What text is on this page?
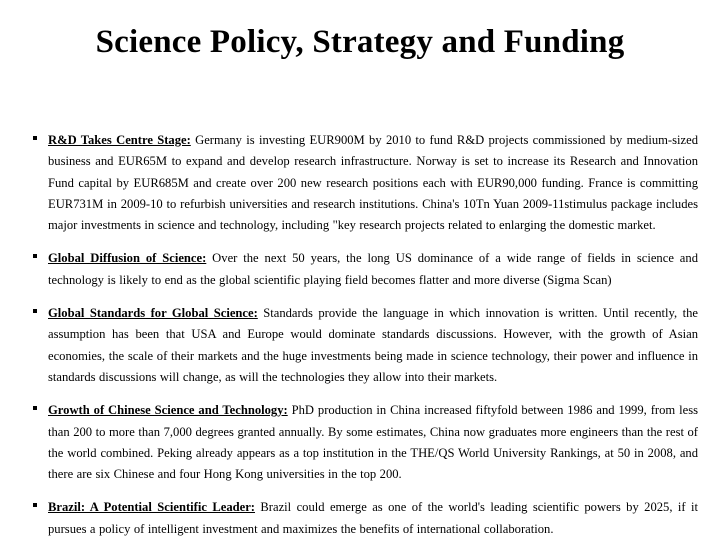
Science Policy, Strategy and Funding
R&D Takes Centre Stage: Germany is investing EUR900M by 2010 to fund R&D projects commissioned by medium-sized business and EUR65M to expand and develop research infrastructure. Norway is set to increase its Research and Innovation Fund capital by EUR685M and create over 200 new research positions each with EUR90,000 funding. France is committing EUR731M in 2009-10 to refurbish universities and research institutions. China's 10Tn Yuan 2009-11stimulus package includes major investments in science and technology, including "key research projects related to enlarging the domestic market.
Global Diffusion of Science: Over the next 50 years, the long US dominance of a wide range of fields in science and technology is likely to end as the global scientific playing field becomes flatter and more diverse (Sigma Scan)
Global Standards for Global Science: Standards provide the language in which innovation is written. Until recently, the assumption has been that USA and Europe would dominate standards discussions. However, with the growth of Asian economies, the scale of their markets and the huge investments being made in science technology, their power and influence in standards discussions will change, as will the technologies they allow into their markets.
Growth of Chinese Science and Technology: PhD production in China increased fiftyfold between 1986 and 1999, from less than 200 to more than 7,000 degrees granted annually. By some estimates, China now graduates more engineers than the rest of the world combined. Peking already appears as a top institution in the THE/QS World University Rankings, at 50 in 2008, and there are six Chinese and four Hong Kong universities in the top 200.
Brazil: A Potential Scientific Leader: Brazil could emerge as one of the world's leading scientific powers by 2025, if it pursues a policy of intelligent investment and maximizes the benefits of international collaboration.
